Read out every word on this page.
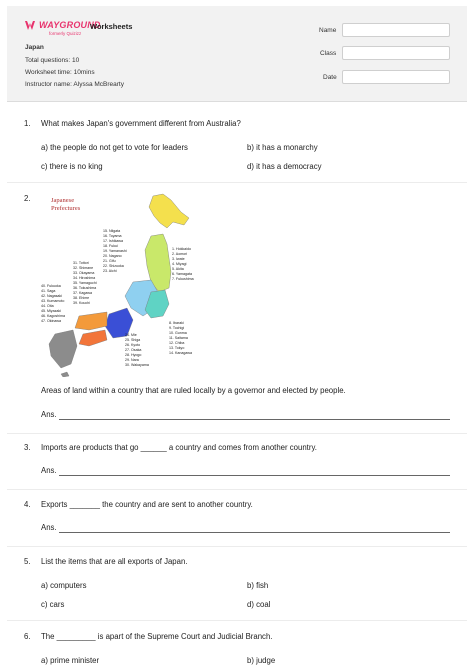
WAYGROUND
formerly Quizizz
Worksheets
Japan
Total questions: 10
Worksheet time: 10mins
Instructor name: Alyssa McBrearty
Name
Class
Date
1. What makes Japan's government different from Australia?
a) the people do not get to vote for leaders	b) it has a monarchy
c) there is no king	d) it has a democracy
2.	Japanese
Prefectures
15. Niigata
16. Toyama
17. Ishikawa
18. Fukui
19. Yamanashi
20. Nagano
21. Gifu
22. Shizuoka
23. Aichi
1. Hokkaido
2. Aomori
3. Iwate
4. Miyagi
5. Akita
6. Yamagata
7. Fukushima
31. Tottori
32. Shimane
33. Okayama
34. Hiroshima
35. Yamaguchi
36. Tokushima
37. Kagawa
38. Ehime
39. Kouchi
40. Fukuoka
41. Saga
42. Nagasaki
43. Kumamoto
44. Oita
45. Miyazaki
46. Kagoshima
47. Okinawa	8. Ibaraki
9. Tochigi
10. Gunma
11. Saitama
12. Chiba
13. Tokyo
14. Kanagawa
24. Mie
25. Shiga
26. Kyoto
27. Osaka
28. Hyogo
29. Nara
30. Wakayama
Areas of land within a country that are ruled locally by a governor and elected by people.
Ans.
3. Imports are products that go ______ a country and comes from another country.
Ans.
4. Exports _______ the country and are sent to another country.
Ans.
5. List the items that are all exports of Japan.
a) computers	b) fish
c) cars	d) coal
6. The _________ is apart of the Supreme Court and Judicial Branch.
a) prime minister	b) judge
